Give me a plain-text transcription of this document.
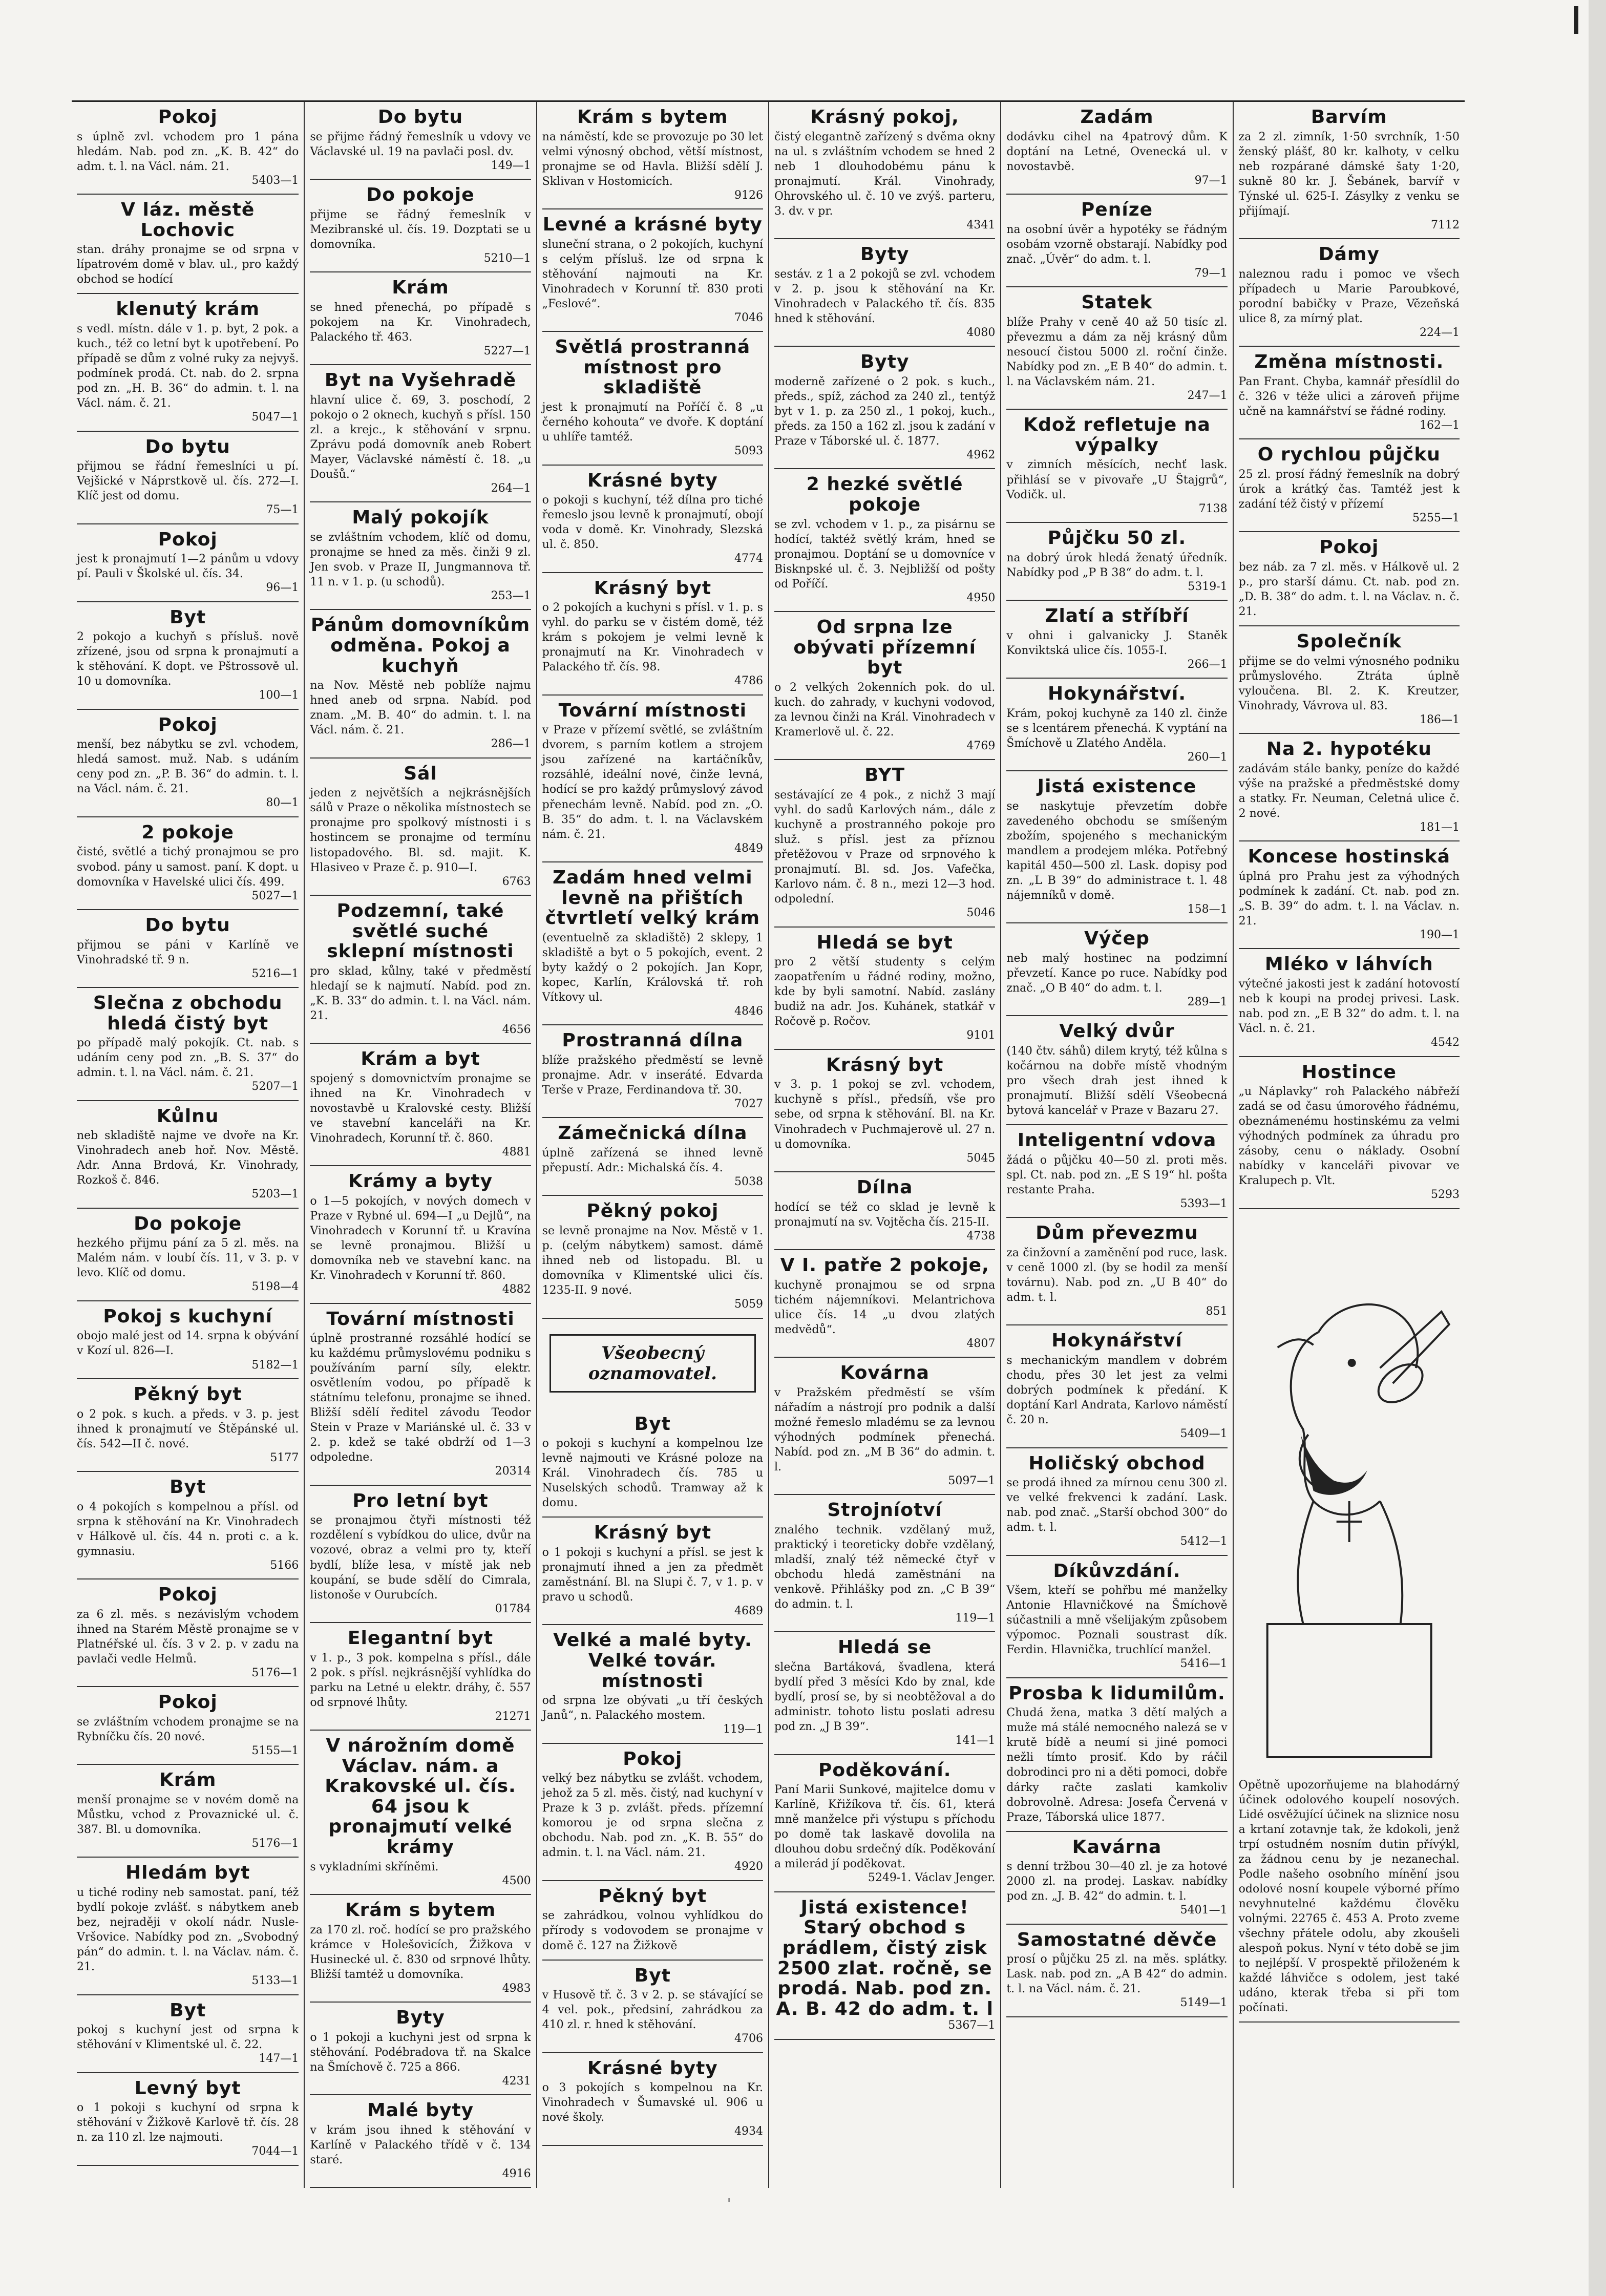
Pokoj
s úplně zvl. vchodem pro 1 pána hledám. Nab. pod zn. „K. B. 42“ do adm. t. l. na Václ. nám. 21.
5403—1
V láz. městě Lochovic
stan. dráhy pronajme se od srpna v lípatrovém domě v blav. ul., pro každý obchod se hodící
klenutý krám
s vedl. místn. dále v 1. p. byt, 2 pok. a kuch., též co letní byt k upotřebení. Po případě se dům z volné ruky za nejvyš. podmínek prodá. Ct. nab. do 2. srpna pod zn. „H. B. 36“ do admin. t. l. na Václ. nám. č. 21.
5047—1
Do bytu
přijmou se řádní řemeslníci u pí. Vejšické v Náprstkově ul. čís. 272—I. Klíč jest od domu.
75—1
Pokoj
jest k pronajmutí 1—2 pánům u vdovy pí. Pauli v Školské ul. čís. 34.
96—1
Byt
2 pokojo a kuchyň s přísluš. nově zřízené, jsou od srpna k pronajmutí a k stěhování. K dopt. ve Pštrossově ul. 10 u domovníka.
100—1
Pokoj
menší, bez nábytku se zvl. vchodem, hledá samost. muž. Nab. s udáním ceny pod zn. „P. B. 36“ do admin. t. l. na Václ. nám. č. 21.
80—1
2 pokoje
čisté, světlé a tichý pronajmou se pro svobod. pány u samost. paní. K dopt. u domovníka v Havelské ulici čís. 499.
5027—1
Do bytu
přijmou se páni v Karlíně ve Vinohradské tř. 9 n.
5216—1
Slečna z obchodu hledá čistý byt
po případě malý pokojík. Ct. nab. s udáním ceny pod zn. „B. S. 37“ do admin. t. l. na Václ. nám. č. 21.
5207—1
Kůlnu
neb skladiště najme ve dvoře na Kr. Vinohradech aneb hoř. Nov. Městě. Adr. Anna Brdová, Kr. Vinohrady, Rozkoš č. 846.
5203—1
Do pokoje
hezkého přijmu pání za 5 zl. měs. na Malém nám. v loubí čís. 11, v 3. p. v levo. Klíč od domu.
5198—4
Pokoj s kuchyní
obojo malé jest od 14. srpna k obývání v Kozí ul. 826—I.
5182—1
Pěkný byt
o 2 pok. s kuch. a předs. v 3. p. jest ihned k pronajmutí ve Štěpánské ul. čís. 542—II č. nové.
5177
Byt
o 4 pokojích s kompelnou a přísl. od srpna k stěhování na Kr. Vinohradech v Hálkově ul. čís. 44 n. proti c. a k. gymnasiu.
5166
Pokoj
za 6 zl. měs. s nezávislým vchodem ihned na Starém Městě pronajme se v Platnéřské ul. čís. 3 v 2. p. v zadu na pavlači vedle Helmů.
5176—1
Pokoj
se zvláštním vchodem pronajme se na Rybníčku čís. 20 nové.
5155—1
Krám
menší pronajme se v novém domě na Můstku, vchod z Provaznické ul. č. 387. Bl. u domovníka.
5176—1
Hledám byt
u tiché rodiny neb samostat. paní, též bydlí pokoje zvlášť. s nábytkem aneb bez, nejraději v okolí nádr. Nusle-Vršovice. Nabídky pod zn. „Svobodný pán“ do admin. t. l. na Václav. nám. č. 21.
5133—1
Byt
pokoj s kuchyní jest od srpna k stěhování v Klimentské ul. č. 22.
147—1
Levný byt
o 1 pokoji s kuchyní od srpna k stěhování v Žižkově Karlově tř. čís. 28 n. za 110 zl. lze najmouti.
7044—1
Do bytu
se přijme řádný řemeslník u vdovy ve Václavské ul. 19 na pavlači posl. dv.
149—1
Do pokoje
přijme se řádný řemeslník v Mezibranské ul. čís. 19. Dozptati se u domovníka.
5210—1
Krám
se hned přenechá, po případě s pokojem na Kr. Vinohradech, Palackého tř. 463.
5227—1
Byt na Vyšehradě
hlavní ulice č. 69, 3. poschodí, 2 pokojo o 2 oknech, kuchyň s přísl. 150 zl. a krejc., k stěhování v srpnu. Zprávu podá domovník aneb Robert Mayer, Václavské náměstí č. 18. „u Doušů.“
264—1
Malý pokojík
se zvláštním vchodem, klíč od domu, pronajme se hned za měs. činži 9 zl. Jen svob. v Praze II, Jungmannova tř. 11 n. v 1. p. (u schodů).
253—1
Pánům domovníkům odměna. Pokoj a kuchyň
na Nov. Městě neb poblíže najmu hned aneb od srpna. Nabíd. pod znam. „M. B. 40“ do admin. t. l. na Václ. nám. č. 21.
286—1
Sál
jeden z největších a nejkrásnějších sálů v Praze o několika místnostech se pronajme pro spolkový místnosti i s hostincem se pronajme od termínu listopadového. Bl. sd. majit. K. Hlasiveo v Praze č. p. 910—I.
6763
Podzemní, také světlé suché sklepní místnosti
pro sklad, kůlny, také v předměstí hledají se k najmutí. Nabíd. pod zn. „K. B. 33“ do admin. t. l. na Václ. nám. 21.
4656
Krám a byt
spojený s domovnictvím pronajme se ihned na Kr. Vinohradech v novostavbě u Kralovské cesty. Bližší ve stavební kanceláři na Kr. Vinohradech, Korunní tř. č. 860.
4881
Krámy a byty
o 1—5 pokojích, v nových domech v Praze v Rybné ul. 694—I „u Dejlů“, na Vinohradech v Korunní tř. u Kravína se levně pronajmou. Bližší u domovníka neb ve stavební kanc. na Kr. Vinohradech v Korunní tř. 860.
4882
Tovární místnosti
úplně prostranné rozsáhlé hodící se ku každému průmyslovému podniku s používáním parní síly, elektr. osvětlením vodou, po případě k státnímu telefonu, pronajme se ihned. Bližší sdělí ředitel závodu Teodor Stein v Praze v Mariánské ul. č. 33 v 2. p. kdež se také obdrží od 1—3 odpoledne.
20314
Pro letní byt
se pronajmou čtyři místnosti též rozdělení s vybídkou do ulice, dvůr na vozové, obraz a velmi pro ty, kteří bydlí, blíže lesa, v místě jak neb koupání, se bude sdělí do Cimrala, listonoše v Ourubcích.
01784
Elegantní byt
v 1. p., 3 pok. kompelna s přísl., dále 2 pok. s přísl. nejkrásnější vyhlídka do parku na Letné u elektr. dráhy, č. 557 od srpnové lhůty.
21271
V nárožním domě Václav. nám. a Krakovské ul. čís. 64 jsou k pronajmutí velké krámy
s vykladními skříněmi.
4500
Krám s bytem
za 170 zl. roč. hodící se pro pražského krámce v Holešovicích, Žižkova v Husinecké ul. č. 830 od srpnové lhůty. Bližší tamtéž u domovníka.
4983
Byty
o 1 pokoji a kuchyni jest od srpna k stěhování. Podébradova tř. na Skalce na Šmíchově č. 725 a 866.
4231
Malé byty
v krám jsou ihned k stěhování v Karlíně v Palackého třídě v č. 134 staré.
4916
Krám s bytem
na náměstí, kde se provozuje po 30 let velmi výnosný obchod, větší místnost, pronajme se od Havla. Bližší sdělí J. Sklivan v Hostomicích.
9126
Levné a krásné byty
sluneční strana, o 2 pokojích, kuchyní s celým přísluš. lze od srpna k stěhování najmouti na Kr. Vinohradech v Korunní tř. 830 proti „Feslové“.
7046
Světlá prostranná místnost pro skladiště
jest k pronajmutí na Poříčí č. 8 „u černého kohouta“ ve dvoře. K doptání u uhlíře tamtéž.
5093
Krásné byty
o pokoji s kuchyní, též dílna pro tiché řemeslo jsou levně k pronajmutí, obojí voda v domě. Kr. Vinohrady, Slezská ul. č. 850.
4774
Krásný byt
o 2 pokojích a kuchyni s přísl. v 1. p. s vyhl. do parku se v čistém domě, též krám s pokojem je velmi levně k pronajmutí na Kr. Vinohradech v Palackého tř. čís. 98.
4786
Tovární místnosti
v Praze v přízemí světlé, se zvláštním dvorem, s parním kotlem a strojem jsou zařízené na kartáčníkův, rozsáhlé, ideální nové, činže levná, hodící se pro každý průmyslový závod přenechám levně. Nabíd. pod zn. „O. B. 35“ do adm. t. l. na Václavském nám. č. 21.
4849
Zadám hned velmi levně na přištích čtvrtletí velký krám
(eventuelně za skladiště) 2 sklepy, 1 skladiště a byt o 5 pokojích, event. 2 byty každý o 2 pokojích. Jan Kopr, kopec, Karlín, Královská tř. roh Vítkovy ul.
4846
Prostranná dílna
blíže pražského předměstí se levně pronajme. Adr. v inseráté. Edvarda Terše v Praze, Ferdinandova tř. 30.
7027
Zámečnická dílna
úplně zařízená se ihned levně přepustí. Adr.: Michalská čís. 4.
5038
Pěkný pokoj
se levně pronajme na Nov. Městě v 1. p. (celým nábytkem) samost. dámě ihned neb od listopadu. Bl. u domovníka v Klimentské ulici čís. 1235-II. 9 nové.
5059
Všeobecný oznamovatel.
Byt
o pokoji s kuchyní a kompelnou lze levně najmouti ve Krásné poloze na Král. Vinohradech čís. 785 u Nuselských schodů. Tramway až k domu.
Krásný byt
o 1 pokoji s kuchyní a přísl. se jest k pronajmutí ihned a jen za předmět zaměstnání. Bl. na Slupi č. 7, v 1. p. v pravo u schodů.
4689
Velké a malé byty. Velké továr. místnosti
od srpna lze obývati „u tří českých Janů“, n. Palackého mostem.
119—1
Pokoj
velký bez nábytku se zvlášt. vchodem, jehož za 5 zl. měs. čistý, nad kuchyní v Praze k 3 p. zvlášt. předs. přízemní komorou je od srpna slečna z obchodu. Nab. pod zn. „K. B. 55“ do admin. t. l. na Václ. nám. 21.
4920
Pěkný byt
se zahrádkou, volnou vyhlídkou do přírody s vodovodem se pronajme v domě č. 127 na Žižkově
Byt
v Husově tř. č. 3 v 2. p. se stávající se 4 vel. pok., předsiní, zahrádkou za 410 zl. r. hned k stěhování.
4706
Krásné byty
o 3 pokojích s kompelnou na Kr. Vinohradech v Šumavské ul. 906 u nové školy.
4934
Krásný pokoj,
čistý elegantně zařízený s dvěma okny na ul. s zvláštním vchodem se hned 2 neb 1 dlouhodobému pánu k pronajmutí. Král. Vinohrady, Ohrovského ul. č. 10 ve zvýš. parteru, 3. dv. v pr.
4341
Byty
sestáv. z 1 a 2 pokojů se zvl. vchodem v 2. p. jsou k stěhování na Kr. Vinohradech v Palackého tř. čís. 835 hned k stěhování.
4080
Byty
moderně zařízené o 2 pok. s kuch., předs., spíž, záchod za 240 zl., tentýž byt v 1. p. za 250 zl., 1 pokoj, kuch., předs. za 150 a 162 zl. jsou k zadání v Praze v Táborské ul. č. 1877.
4962
2 hezké světlé pokoje
se zvl. vchodem v 1. p., za pisárnu se hodící, taktéž světlý krám, hned se pronajmou. Doptání se u domovníce v Bisknpské ul. č. 3. Nejbližší od pošty od Poříčí.
4950
Od srpna lze obývati přízemní byt
o 2 velkých 2okenních pok. do ul. kuch. do zahrady, v kuchyni vodovod, za levnou činži na Král. Vinohradech v Kramerlově ul. č. 22.
4769
BYT
sestávající ze 4 pok., z nichž 3 mají vyhl. do sadů Karlových nám., dále z kuchyně a prostranného pokoje pro služ. s přísl. jest za příznou přetěžovou v Praze od srpnového k pronajmutí. Bl. sd. Jos. Vafečka, Karlovo nám. č. 8 n., mezi 12—3 hod. odpolední.
5046
Hledá se byt
pro 2 větší studenty s celým zaopatřením u řádné rodiny, možno, kde by byli samotní. Nabíd. zaslány budiž na adr. Jos. Kuhánek, statkář v Ročově p. Ročov.
9101
Krásný byt
v 3. p. 1 pokoj se zvl. vchodem, kuchyně s přísl., předsíň, vše pro sebe, od srpna k stěhování. Bl. na Kr. Vinohradech v Puchmajerově ul. 27 n. u domovníka.
5045
Dílna
hodící se též co sklad je levně k pronajmutí na sv. Vojtěcha čís. 215-II.
4738
V I. patře 2 pokoje,
kuchyně pronajmou se od srpna tichém nájemníkovi. Melantrichova ulice čís. 14 „u dvou zlatých medvědů“.
4807
Kovárna
v Pražském předměstí se vším nářadím a nástrojí pro podnik a další možné řemeslo mladému se za levnou výhodných podmínek přenechá. Nabíd. pod zn. „M B 36“ do admin. t. l.
5097—1
Strojníotví
znalého technik. vzdělaný muž, praktický i teoreticky dobře vzdělaný, mladší, znalý též německé čtyř v obchodu hledá zaměstnání na venkově. Přihlášky pod zn. „C B 39“ do admin. t. l.
119—1
Hledá se
slečna Bartáková, švadlena, která bydlí před 3 měsíci Kdo by znal, kde bydlí, prosí se, by si neobtěžoval a do administr. tohoto listu poslati adresu pod zn. „J B 39“.
141—1
Poděkování.
Paní Marii Sunkové, majitelce domu v Karlíně, Křižíkova tř. čís. 61, která mně manželce při výstupu s příchodu po domě tak laskavě dovolila na dlouhou dobu srdečný dík. Poděkování a milerád jí poděkovat.
5249-1. Václav Jenger.
Jistá existence! Starý obchod s prádlem, čistý zisk 2500 zlat. ročně, se prodá. Nab. pod zn. A. B. 42 do adm. t. l
5367—1
Zadám
dodávku cihel na 4patrový dům. K doptání na Letné, Ovenecká ul. v novostavbě.
97—1
Peníze
na osobní úvěr a hypotéky se řádným osobám vzorně obstarají. Nabídky pod znač. „Úvěr“ do adm. t. l.
79—1
Statek
blíže Prahy v ceně 40 až 50 tisíc zl. převezmu a dám za něj krásný dům nesoucí čistou 5000 zl. roční činže. Nabídky pod zn. „E B 40“ do admin. t. l. na Václavském nám. 21.
247—1
Kdož refletuje na výpalky
v zimních měsících, nechť lask. přihlásí se v pivovaře „U Štajgrů“, Vodičk. ul.
7138
Půjčku 50 zl.
na dobrý úrok hledá ženatý úředník. Nabídky pod „P B 38“ do adm. t. l.
5319-1
Zlatí a stříbří
v ohni i galvanicky J. Staněk Konviktská ulice čís. 1055-I.
266—1
Hokynářství.
Krám, pokoj kuchyně za 140 zl. činže se s lcentárem přenechá. K vyptání na Šmíchově u Zlatého Anděla.
260—1
Jistá existence
se naskytuje převzetím dobře zavedeného obchodu se smíšeným zbožím, spojeného s mechanickým mandlem a prodejem mléka. Potřebný kapitál 450—500 zl. Lask. dopisy pod zn. „L B 39“ do administrace t. l. 48 nájemníků v domě.
158—1
Výčep
neb malý hostinec na podzimní převzetí. Kance po ruce. Nabídky pod znač. „O B 40“ do adm. t. l.
289—1
Velký dvůr
(140 čtv. sáhů) dilem krytý, též kůlna s kočárnou na dobře místě vhodným pro všech drah jest ihned k pronajmutí. Bližší sdělí Všeobecná bytová kancelář v Praze v Bazaru 27.
Inteligentní vdova
žádá o půjčku 40—50 zl. proti měs. spl. Ct. nab. pod zn. „E S 19“ hl. pošta restante Praha.
5393—1
Dům převezmu
za činžovní a zaměnění pod ruce, lask. v ceně 1000 zl. (by se hodil za menší továrnu). Nab. pod zn. „U B 40“ do adm. t. l.
851
Hokynářství
s mechanickým mandlem v dobrém chodu, přes 30 let jest za velmi dobrých podmínek k předání. K doptání Karl Andrata, Karlovo náměstí č. 20 n.
5409—1
Holičský obchod
se prodá ihned za mírnou cenu 300 zl. ve velké frekvenci k zadání. Lask. nab. pod znač. „Starší obchod 300“ do adm. t. l.
5412—1
Díkůvzdání.
Všem, kteří se pohřbu mé manželky Antonie Hlavničkové na Šmíchově súčastnili a mně všelijakým způsobem výpomoc. Poznali soustrast dík. Ferdin. Hlavnička, truchlící manžel.
5416—1
Prosba k lidumilům.
Chudá žena, matka 3 dětí malých a muže má stálé nemocného nalezá se v krutě bídě a neumí si jiné pomoci nežli tímto prosiť. Kdo by ráčil dobrodinci pro ni a děti pomoci, dobře dárky račte zaslati kamkoliv dobrovolně. Adresa: Josefa Červená v Praze, Táborská ulice 1877.
Kavárna
s denní tržbou 30—40 zl. je za hotové 2000 zl. na prodej. Laskav. nabídky pod zn. „J. B. 42“ do admin. t. l.
5401—1
Samostatné děvče
prosí o půjčku 25 zl. na měs. splátky. Lask. nab. pod zn. „A B 42“ do admin. t. l. na Václ. nám. č. 21.
5149—1
Barvím
za 2 zl. zimník, 1·50 svrchník, 1·50 ženský plášť, 80 kr. kalhoty, v celku neb rozpárané dámské šaty 1·20, sukně 80 kr. J. Šebánek, barvíř v Týnské ul. 625-I. Zásylky z venku se přijímají.
7112
Dámy
naleznou radu i pomoc ve všech případech u Marie Paroubkové, porodní babičky v Praze, Vězeňská ulice 8, za mírný plat.
224—1
Změna místnosti.
Pan Frant. Chyba, kamnář přesídlil do č. 326 v téže ulici a zároveň přijme učně na kamnářství se řádné rodiny.
162—1
O rychlou půjčku
25 zl. prosí řádný řemeslník na dobrý úrok a krátký čas. Tamtéž jest k zadání též čistý v přízemí
5255—1
Pokoj
bez náb. za 7 zl. měs. v Hálkově ul. 2 p., pro starší dámu. Ct. nab. pod zn. „D. B. 38“ do adm. t. l. na Václav. n. č. 21.
Společník
přijme se do velmi výnosného podniku průmyslového. Ztráta úplně vyloučena. Bl. 2. K. Kreutzer, Vinohrady, Vávrova ul. 83.
186—1
Na 2. hypotéku
zadávám stále banky, peníze do každé výše na pražské a předměstské domy a statky. Fr. Neuman, Celetná ulice č. 2 nové.
181—1
Koncese hostinská
úplná pro Prahu jest za výhodných podmínek k zadání. Ct. nab. pod zn. „S. B. 39“ do adm. t. l. na Václav. n. 21.
190—1
Mléko v láhvích
výtečné jakosti jest k zadání hotovostí neb k koupi na prodej privesi. Lask. nab. pod zn. „E B 32“ do adm. t. l. na Václ. n. č. 21.
4542
Hostince
„u Náplavky“ roh Palackého nábřeží zadá se od času úmorového řádnému, obeznámenému hostinskému za velmi výhodných podmínek za úhradu pro zásoby, cenu o náklady. Osobní nabídky v kanceláři pivovar ve Kralupech p. Vlt.
5293
Opětně upozorňujeme na blahodárný účinek odolového koupelí nosových. Lidé osvěžující účinek na sliznice nosu a krtaní zotavnje tak, že kdokoli, jenž trpí ostudném nosním dutin přívýkl, za žádnou cenu by je nezanechal. Podle našeho osobního mínění jsou odolové nosní koupele výborné přímo nevyhnutelné každému člověku volnými. 22765 č. 453 A. Proto zveme všechny přátele odolu, aby zkoušeli alespoň pokus. Nyní v této době se jim to nejlépší. V prospektě přiloženém k každé láhvičce s odolem, jest také udáno, kterak třeba si při tom počínati.
'
